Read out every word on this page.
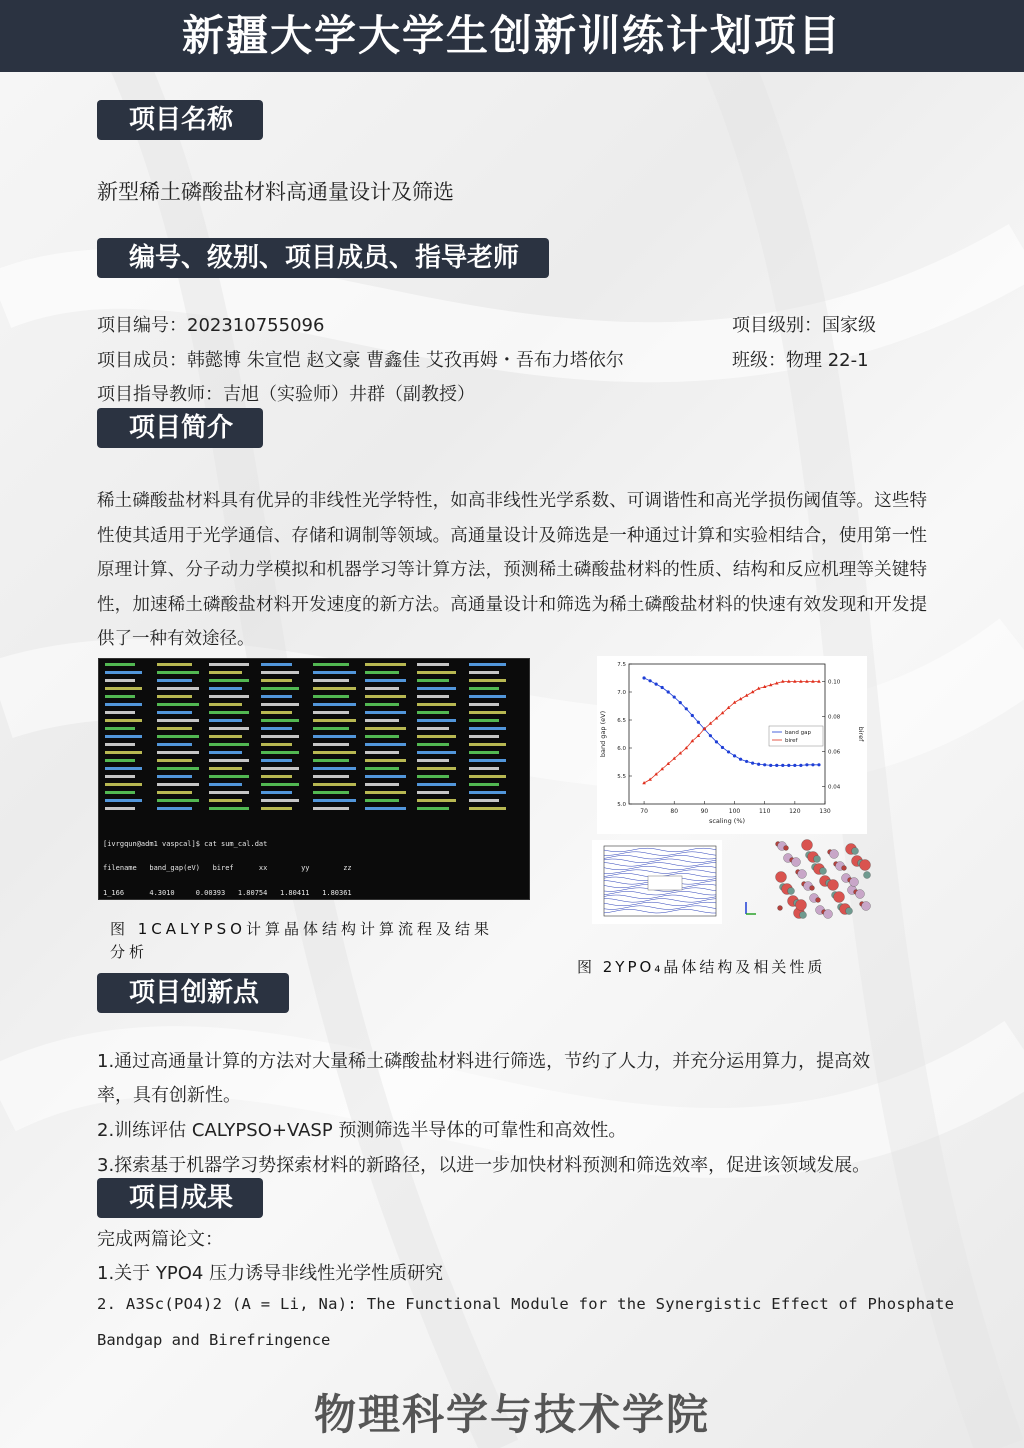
新疆大学大学生创新训练计划项目
项目名称
新型稀土磷酸盐材料高通量设计及筛选
编号、级别、项目成员、指导老师
项目编号：202310755096	项目级别：国家级
项目成员：韩懿博 朱宣恺 赵文豪 曹鑫佳 艾孜再姆・吾布力塔依尔	班级：物理 22-1
项目指导教师：吉旭（实验师）井群（副教授）
项目简介
稀土磷酸盐材料具有优异的非线性光学特性，如高非线性光学系数、可调谐性和高光学损伤阈值等。这些特性使其适用于光学通信、存储和调制等领域。高通量设计及筛选是一种通过计算和实验相结合，使用第一性原理计算、分子动力学模拟和机器学习等计算方法，预测稀土磷酸盐材料的性质、结构和反应机理等关键特性，加速稀土磷酸盐材料开发速度的新方法。高通量设计和筛选为稀土磷酸盐材料的快速有效发现和开发提供了一种有效途径。

[ivrgqun@adm1 vaspcal]$ cat sum_cal.dat

filename   band_gap(eV)   biref      xx        yy        zz

1_166      4.3010     0.00393   1.80754   1.80411   1.80361

图 1CALYPSO计算晶体结构计算流程及结果
分析
70	80	90	100	110	120	130
5.0
5.5
6.0
6.5
7.0
7.5
0.04
0.06
0.08
0.10
scaling (%)
band gap (eV)	biref
band gap
biref
图 2YPO₄晶体结构及相关性质
项目创新点
1.通过高通量计算的方法对大量稀土磷酸盐材料进行筛选，节约了人力，并充分运用算力，提高效
率，具有创新性。
2.训练评估 CALYPSO+VASP 预测筛选半导体的可靠性和高效性。
3.探索基于机器学习势探索材料的新路径，以进一步加快材料预测和筛选效率，促进该领域发展。
项目成果
完成两篇论文：
1.关于 YPO4 压力诱导非线性光学性质研究
2. A3Sc(PO4)2 (A = Li, Na): The Functional Module for the Synergistic Effect of Phosphate
Bandgap and Birefringence
物理科学与技术学院
